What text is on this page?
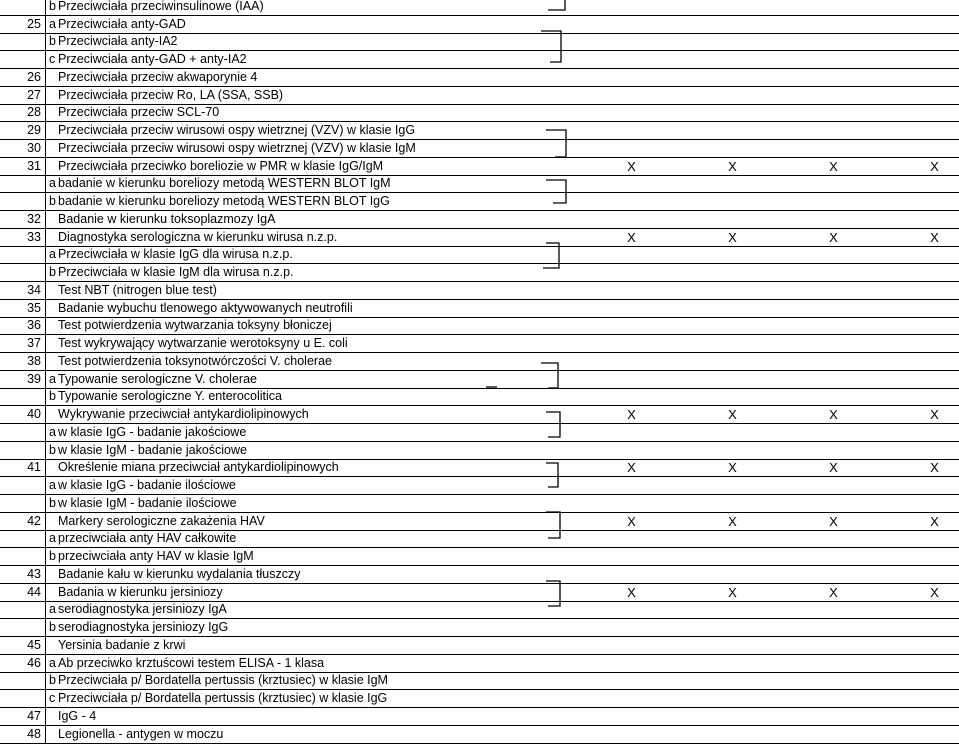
	b	Przeciwciała przeciwinsulinowe (IAA)				
25	a	Przeciwciała anty-GAD				
	b	Przeciwciała anty-IA2				
	c	Przeciwciała anty-GAD + anty-IA2				
26		Przeciwciała przeciw akwaporynie 4				
27		Przeciwciała przeciw Ro, LA (SSA, SSB)				
28		Przeciwciała przeciw SCL-70				
29		Przeciwciała przeciw wirusowi ospy wietrznej (VZV) w klasie IgG				
30		Przeciwciała przeciw wirusowi ospy wietrznej (VZV) w klasie IgM				
31		Przeciwciała przeciwko boreliozie w PMR w klasie IgG/IgM	X	X	X	X
	a	badanie w kierunku boreliozy metodą WESTERN BLOT IgM				
	b	badanie w kierunku boreliozy metodą WESTERN BLOT IgG				
32		Badanie w kierunku toksoplazmozy IgA				
33		Diagnostyka serologiczna w kierunku wirusa n.z.p.	X	X	X	X
	a	Przeciwciała w klasie IgG dla wirusa n.z.p.				
	b	Przeciwciała w klasie IgM dla wirusa n.z.p.				
34		Test NBT (nitrogen blue test)				
35		Badanie wybuchu tlenowego aktywowanych neutrofili				
36		Test potwierdzenia wytwarzania toksyny błoniczej				
37		Test wykrywający wytwarzanie werotoksyny u E. coli				
38		Test potwierdzenia toksynotwórczości V. cholerae				
39	a	Typowanie serologiczne V. cholerae				
	b	Typowanie serologiczne Y. enterocolitica				
40		Wykrywanie przeciwciał antykardiolipinowych	X	X	X	X
	a	w klasie IgG - badanie jakościowe				
	b	w klasie IgM - badanie jakościowe				
41		Określenie miana przeciwciał antykardiolipinowych	X	X	X	X
	a	w klasie IgG - badanie ilościowe				
	b	w klasie IgM - badanie ilościowe				
42		Markery serologiczne zakażenia HAV	X	X	X	X
	a	przeciwciała anty HAV całkowite				
	b	przeciwciała anty HAV w klasie IgM				
43		Badanie kału w kierunku wydalania tłuszczy				
44		Badania w kierunku jersiniozy	X	X	X	X
	a	serodiagnostyka jersiniozy IgA				
	b	serodiagnostyka jersiniozy IgG				
45		Yersinia badanie z krwi				
46	a	Ab przeciwko krztuścowi testem ELISA - 1 klasa				
	b	Przeciwciała p/ Bordatella pertussis (krztusiec) w klasie IgM				
	c	Przeciwciała p/ Bordatella pertussis (krztusiec) w klasie IgG				
47		IgG - 4				
48		Legionella - antygen w moczu				
